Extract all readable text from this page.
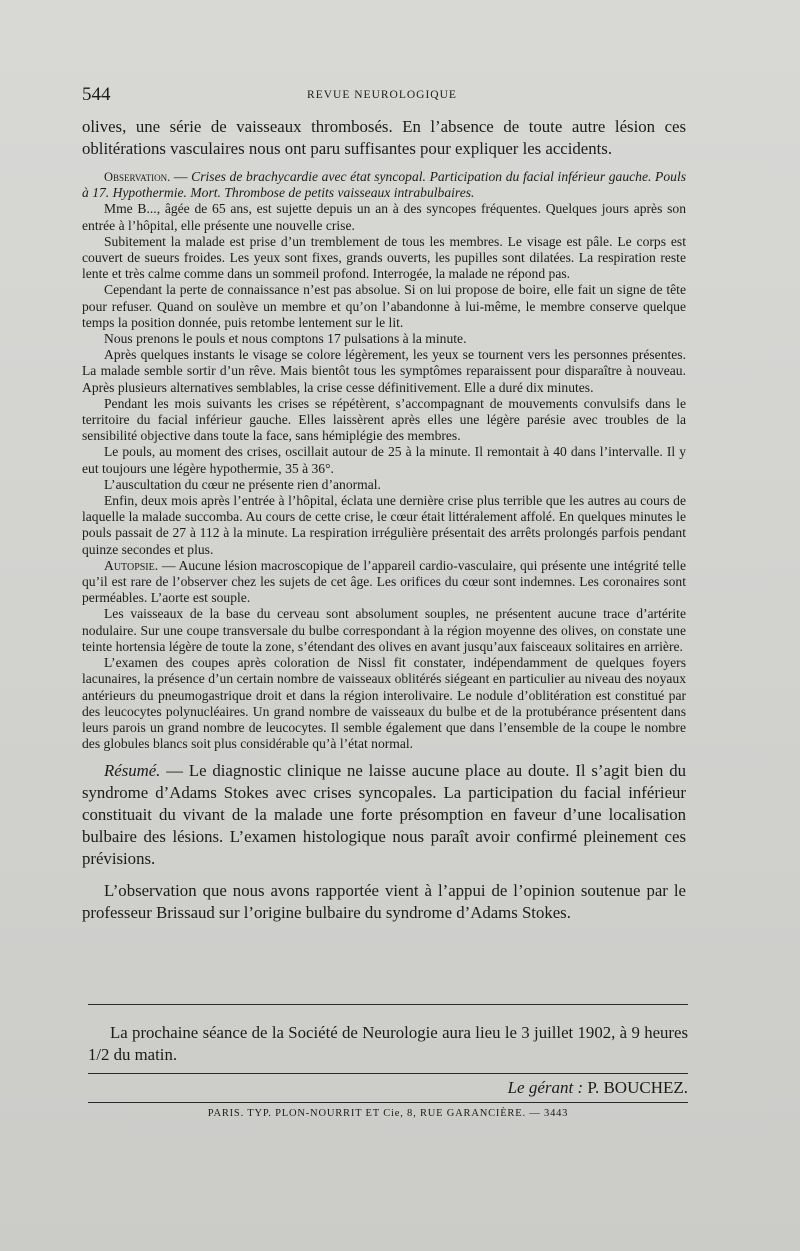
544	REVUE NEUROLOGIQUE

olives, une série de vaisseaux thrombosés. En l’absence de toute autre lésion ces oblitérations vasculaires nous ont paru suffisantes pour expliquer les accidents.

Observation. — Crises de brachycardie avec état syncopal. Participation du facial inférieur gauche. Pouls à 17. Hypothermie. Mort. Thrombose de petits vaisseaux intrabulbaires.

Mme B..., âgée de 65 ans, est sujette depuis un an à des syncopes fréquentes. Quelques jours après son entrée à l’hôpital, elle présente une nouvelle crise.

Subitement la malade est prise d’un tremblement de tous les membres. Le visage est pâle. Le corps est couvert de sueurs froides. Les yeux sont fixes, grands ouverts, les pupilles sont dilatées. La respiration reste lente et très calme comme dans un sommeil profond. Interrogée, la malade ne répond pas.

Cependant la perte de connaissance n’est pas absolue. Si on lui propose de boire, elle fait un signe de tête pour refuser. Quand on soulève un membre et qu’on l’abandonne à lui-même, le membre conserve quelque temps la position donnée, puis retombe lentement sur le lit.

Nous prenons le pouls et nous comptons 17 pulsations à la minute.

Après quelques instants le visage se colore légèrement, les yeux se tournent vers les personnes présentes. La malade semble sortir d’un rêve. Mais bientôt tous les symptômes reparaissent pour disparaître à nouveau. Après plusieurs alternatives semblables, la crise cesse définitivement. Elle a duré dix minutes.

Pendant les mois suivants les crises se répétèrent, s’accompagnant de mouvements convulsifs dans le territoire du facial inférieur gauche. Elles laissèrent après elles une légère parésie avec troubles de la sensibilité objective dans toute la face, sans hémiplégie des membres.

Le pouls, au moment des crises, oscillait autour de 25 à la minute. Il remontait à 40 dans l’intervalle. Il y eut toujours une légère hypothermie, 35 à 36°.

L’auscultation du cœur ne présente rien d’anormal.

Enfin, deux mois après l’entrée à l’hôpital, éclata une dernière crise plus terrible que les autres au cours de laquelle la malade succomba. Au cours de cette crise, le cœur était littéralement affolé. En quelques minutes le pouls passait de 27 à 112 à la minute. La respiration irrégulière présentait des arrêts prolongés parfois pendant quinze secondes et plus.

Autopsie. — Aucune lésion macroscopique de l’appareil cardio-vasculaire, qui présente une intégrité telle qu’il est rare de l’observer chez les sujets de cet âge. Les orifices du cœur sont indemnes. Les coronaires sont perméables. L’aorte est souple.

Les vaisseaux de la base du cerveau sont absolument souples, ne présentent aucune trace d’artérite nodulaire. Sur une coupe transversale du bulbe correspondant à la région moyenne des olives, on constate une teinte hortensia légère de toute la zone, s’étendant des olives en avant jusqu’aux faisceaux solitaires en arrière.

L’examen des coupes après coloration de Nissl fit constater, indépendamment de quelques foyers lacunaires, la présence d’un certain nombre de vaisseaux oblitérés siégeant en particulier au niveau des noyaux antérieurs du pneumogastrique droit et dans la région interolivaire. Le nodule d’oblitération est constitué par des leucocytes polynucléaires. Un grand nombre de vaisseaux du bulbe et de la protubérance présentent dans leurs parois un grand nombre de leucocytes. Il semble également que dans l’ensemble de la coupe le nombre des globules blancs soit plus considérable qu’à l’état normal.

Résumé. — Le diagnostic clinique ne laisse aucune place au doute. Il s’agit bien du syndrome d’Adams Stokes avec crises syncopales. La participation du facial inférieur constituait du vivant de la malade une forte présomption en faveur d’une localisation bulbaire des lésions. L’examen histologique nous paraît avoir confirmé pleinement ces prévisions.

L’observation que nous avons rapportée vient à l’appui de l’opinion soutenue par le professeur Brissaud sur l’origine bulbaire du syndrome d’Adams Stokes.

La prochaine séance de la Société de Neurologie aura lieu le 3 juillet 1902, à 9 heures 1/2 du matin.

Le gérant : P. BOUCHEZ.
PARIS. TYP. PLON-NOURRIT ET Cie, 8, RUE GARANCIÈRE. — 3443
